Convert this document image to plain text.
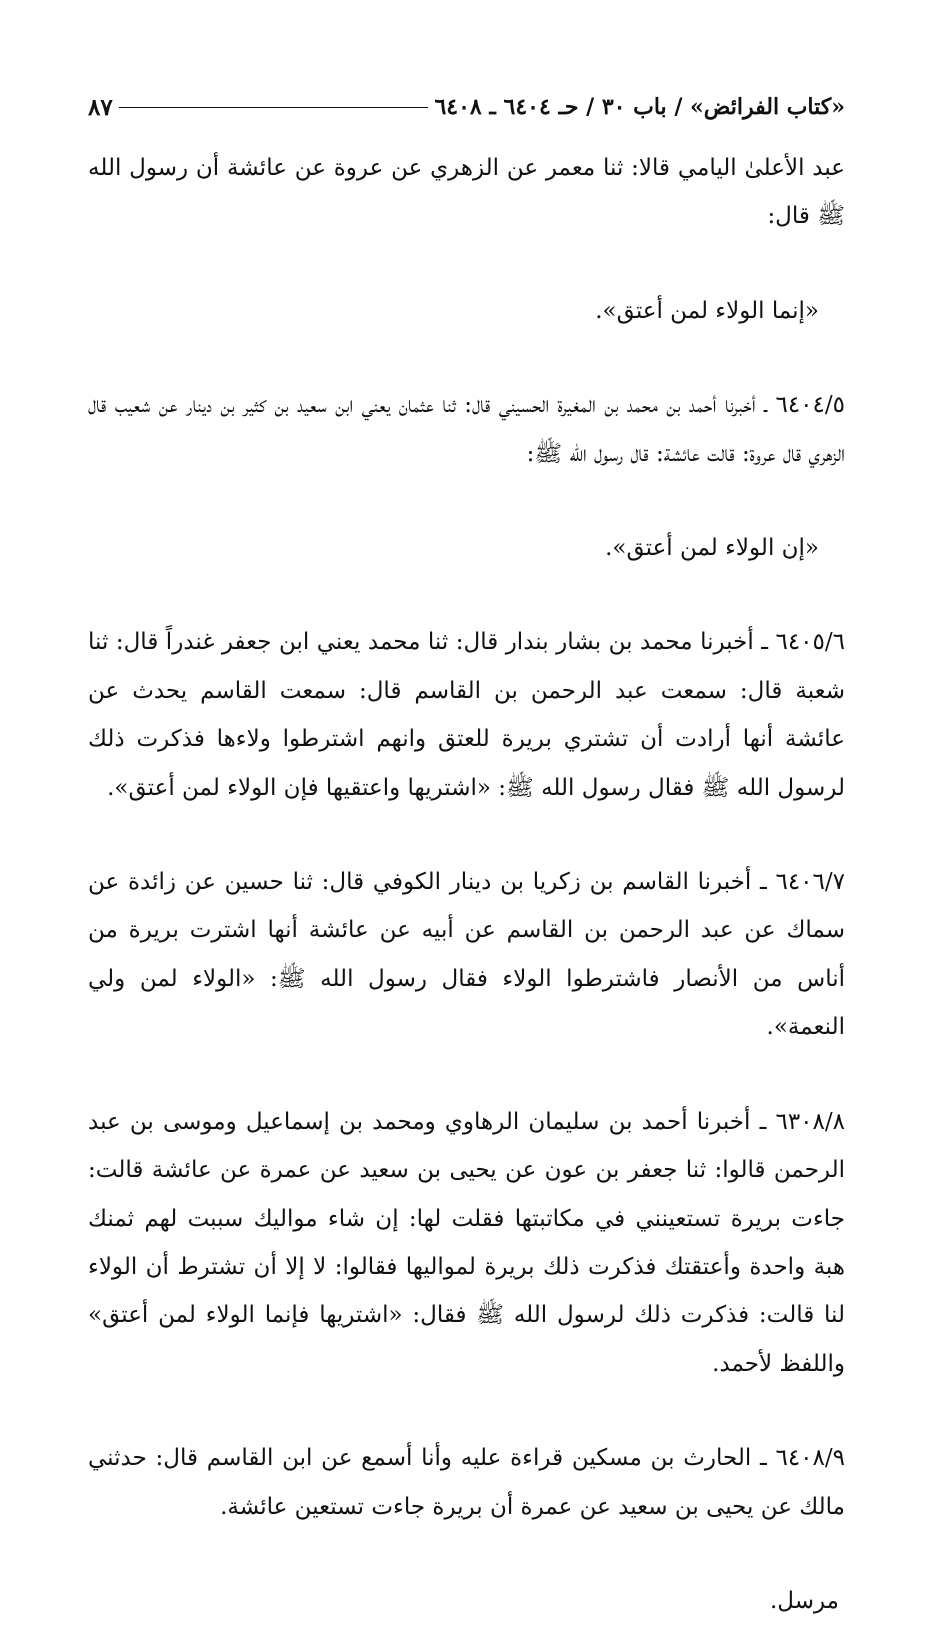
٨٧	«كتاب الفرائض» / باب ٣٠ / حـ ٦٤٠٤ ـ ٦٤٠٨

عبد الأعلىٰ اليامي قالا: ثنا معمر عن الزهري عن عروة عن عائشة أن رسول الله ﷺ قال:

«إنما الولاء لمن أعتق».

٦٤٠٤/٥ ـ أخبرنا أحمد بن محمد بن المغيرة الحسيني قال: ثنا عثمان يعني ابن سعيد بن كثير بن دينار عن شعيب قال الزهري قال عروة: قالت عائشة: قال رسول الله ﷺ:

«إن الولاء لمن أعتق».

٦٤٠٥/٦ ـ أخبرنا محمد بن بشار بندار قال: ثنا محمد يعني ابن جعفر غندراً قال: ثنا شعبة قال: سمعت عبد الرحمن بن القاسم قال: سمعت القاسم يحدث عن عائشة أنها أرادت أن تشتري بريرة للعتق وانهم اشترطوا ولاءها فذكرت ذلك لرسول الله ﷺ فقال رسول الله ﷺ: «اشتريها واعتقيها فإن الولاء لمن أعتق».

٦٤٠٦/٧ ـ أخبرنا القاسم بن زكريا بن دينار الكوفي قال: ثنا حسين عن زائدة عن سماك عن عبد الرحمن بن القاسم عن أبيه عن عائشة أنها اشترت بريرة من أناس من الأنصار فاشترطوا الولاء فقال رسول الله ﷺ: «الولاء لمن ولي النعمة».

٦٣٠٨/٨ ـ أخبرنا أحمد بن سليمان الرهاوي ومحمد بن إسماعيل وموسى بن عبد الرحمن قالوا: ثنا جعفر بن عون عن يحيى بن سعيد عن عمرة عن عائشة قالت: جاءت بريرة تستعينني في مكاتبتها فقلت لها: إن شاء مواليك سببت لهم ثمنك هبة واحدة وأعتقتك فذكرت ذلك بريرة لمواليها فقالوا: لا إلا أن تشترط أن الولاء لنا قالت: فذكرت ذلك لرسول الله ﷺ فقال: «اشتريها فإنما الولاء لمن أعتق» واللفظ لأحمد.

٦٤٠٨/٩ ـ الحارث بن مسكين قراءة عليه وأنا أسمع عن ابن القاسم قال: حدثني مالك عن يحيى بن سعيد عن عمرة أن بريرة جاءت تستعين عائشة.

مرسل.
